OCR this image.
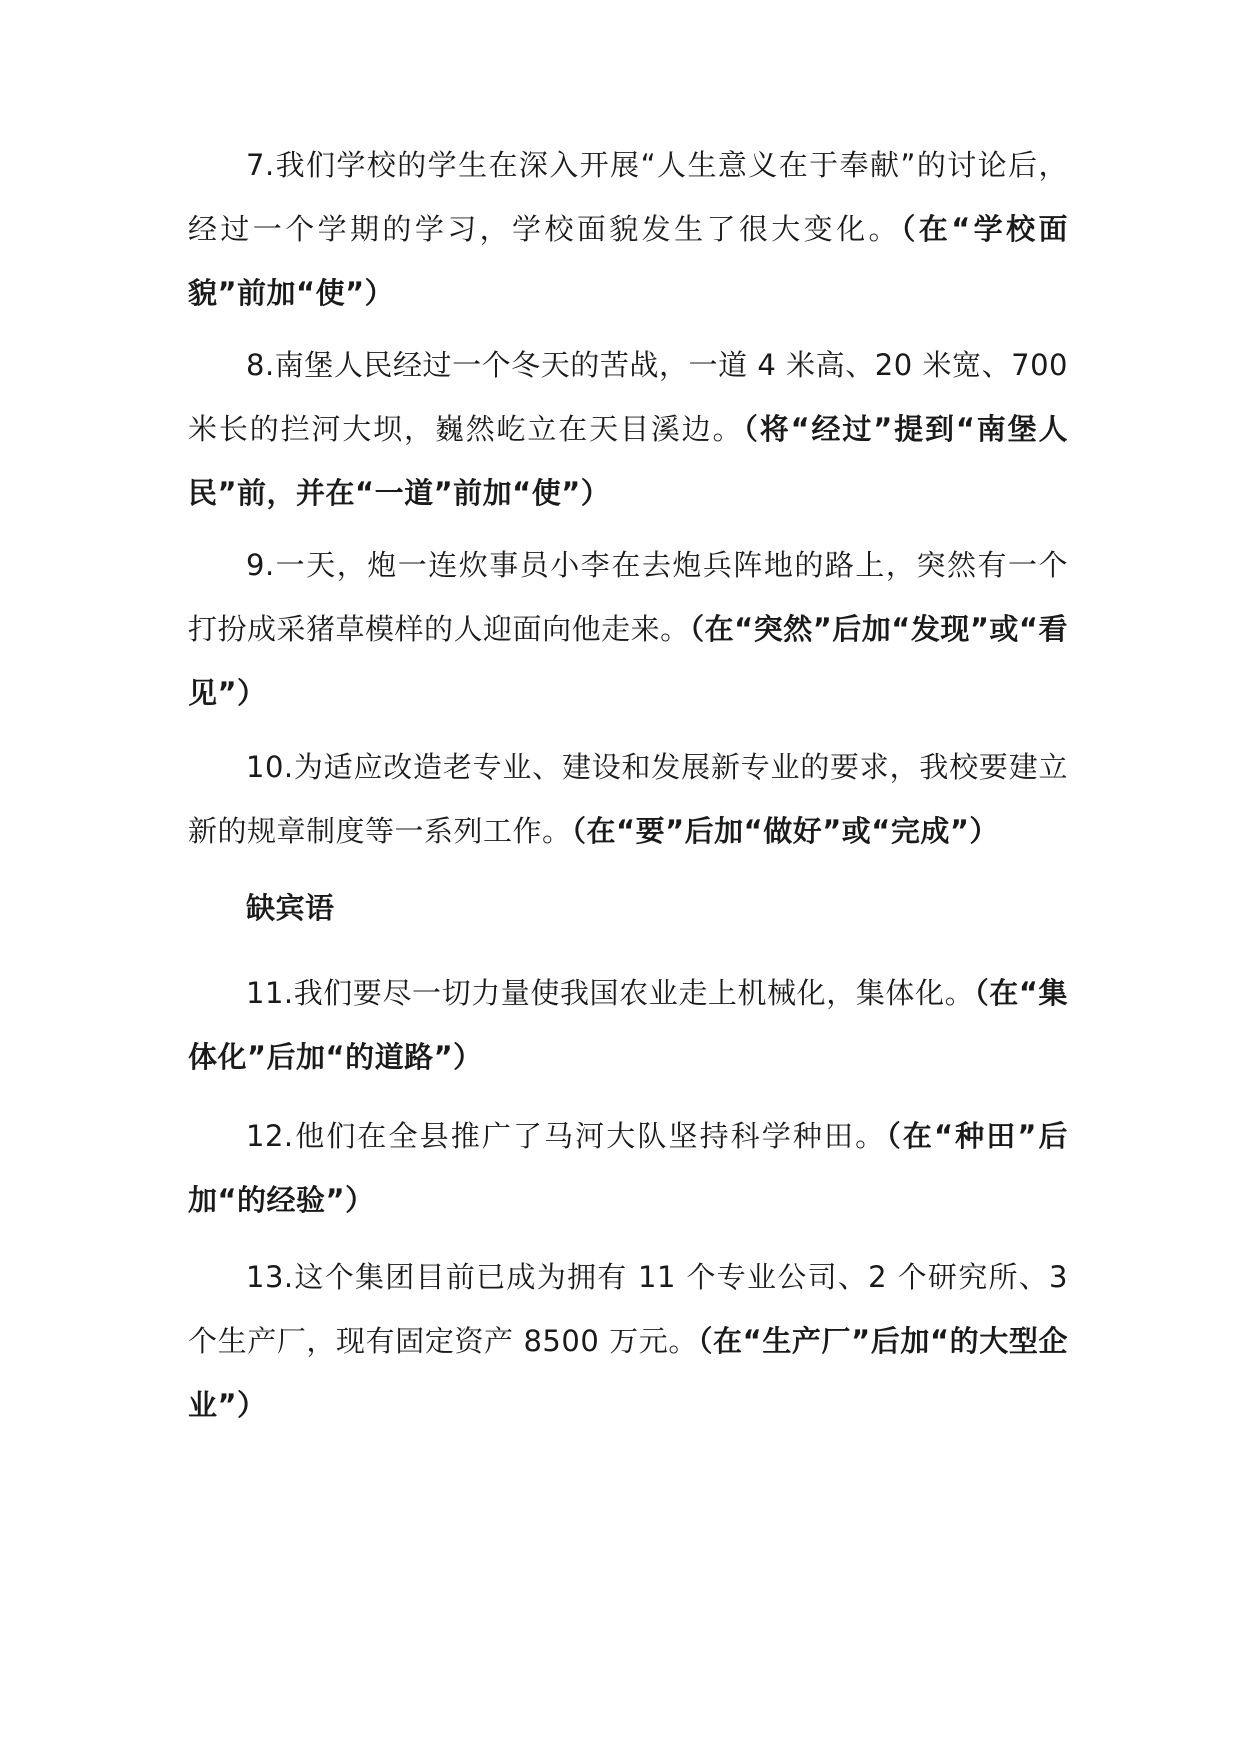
7.我们学校的学生在深入开展“人生意义在于奉献”的讨论后，经过一个学期的学习，学校面貌发生了很大变化。（在“学校面貌”前加“使”）

8.南堡人民经过一个冬天的苦战，一道 4 米高、20 米宽、700 米长的拦河大坝，巍然屹立在天目溪边。（将“经过”提到“南堡人民”前，并在“一道”前加“使”）

9.一天，炮一连炊事员小李在去炮兵阵地的路上，突然有一个打扮成采猪草模样的人迎面向他走来。（在“突然”后加“发现”或“看见”）

10.为适应改造老专业、建设和发展新专业的要求，我校要建立新的规章制度等一系列工作。（在“要”后加“做好”或“完成”）

缺宾语

11.我们要尽一切力量使我国农业走上机械化，集体化。（在“集体化”后加“的道路”）

12.他们在全县推广了马河大队坚持科学种田。（在“种田”后加“的经验”）

13.这个集团目前已成为拥有 11 个专业公司、2 个研究所、3 个生产厂，现有固定资产 8500 万元。（在“生产厂”后加“的大型企业”）
